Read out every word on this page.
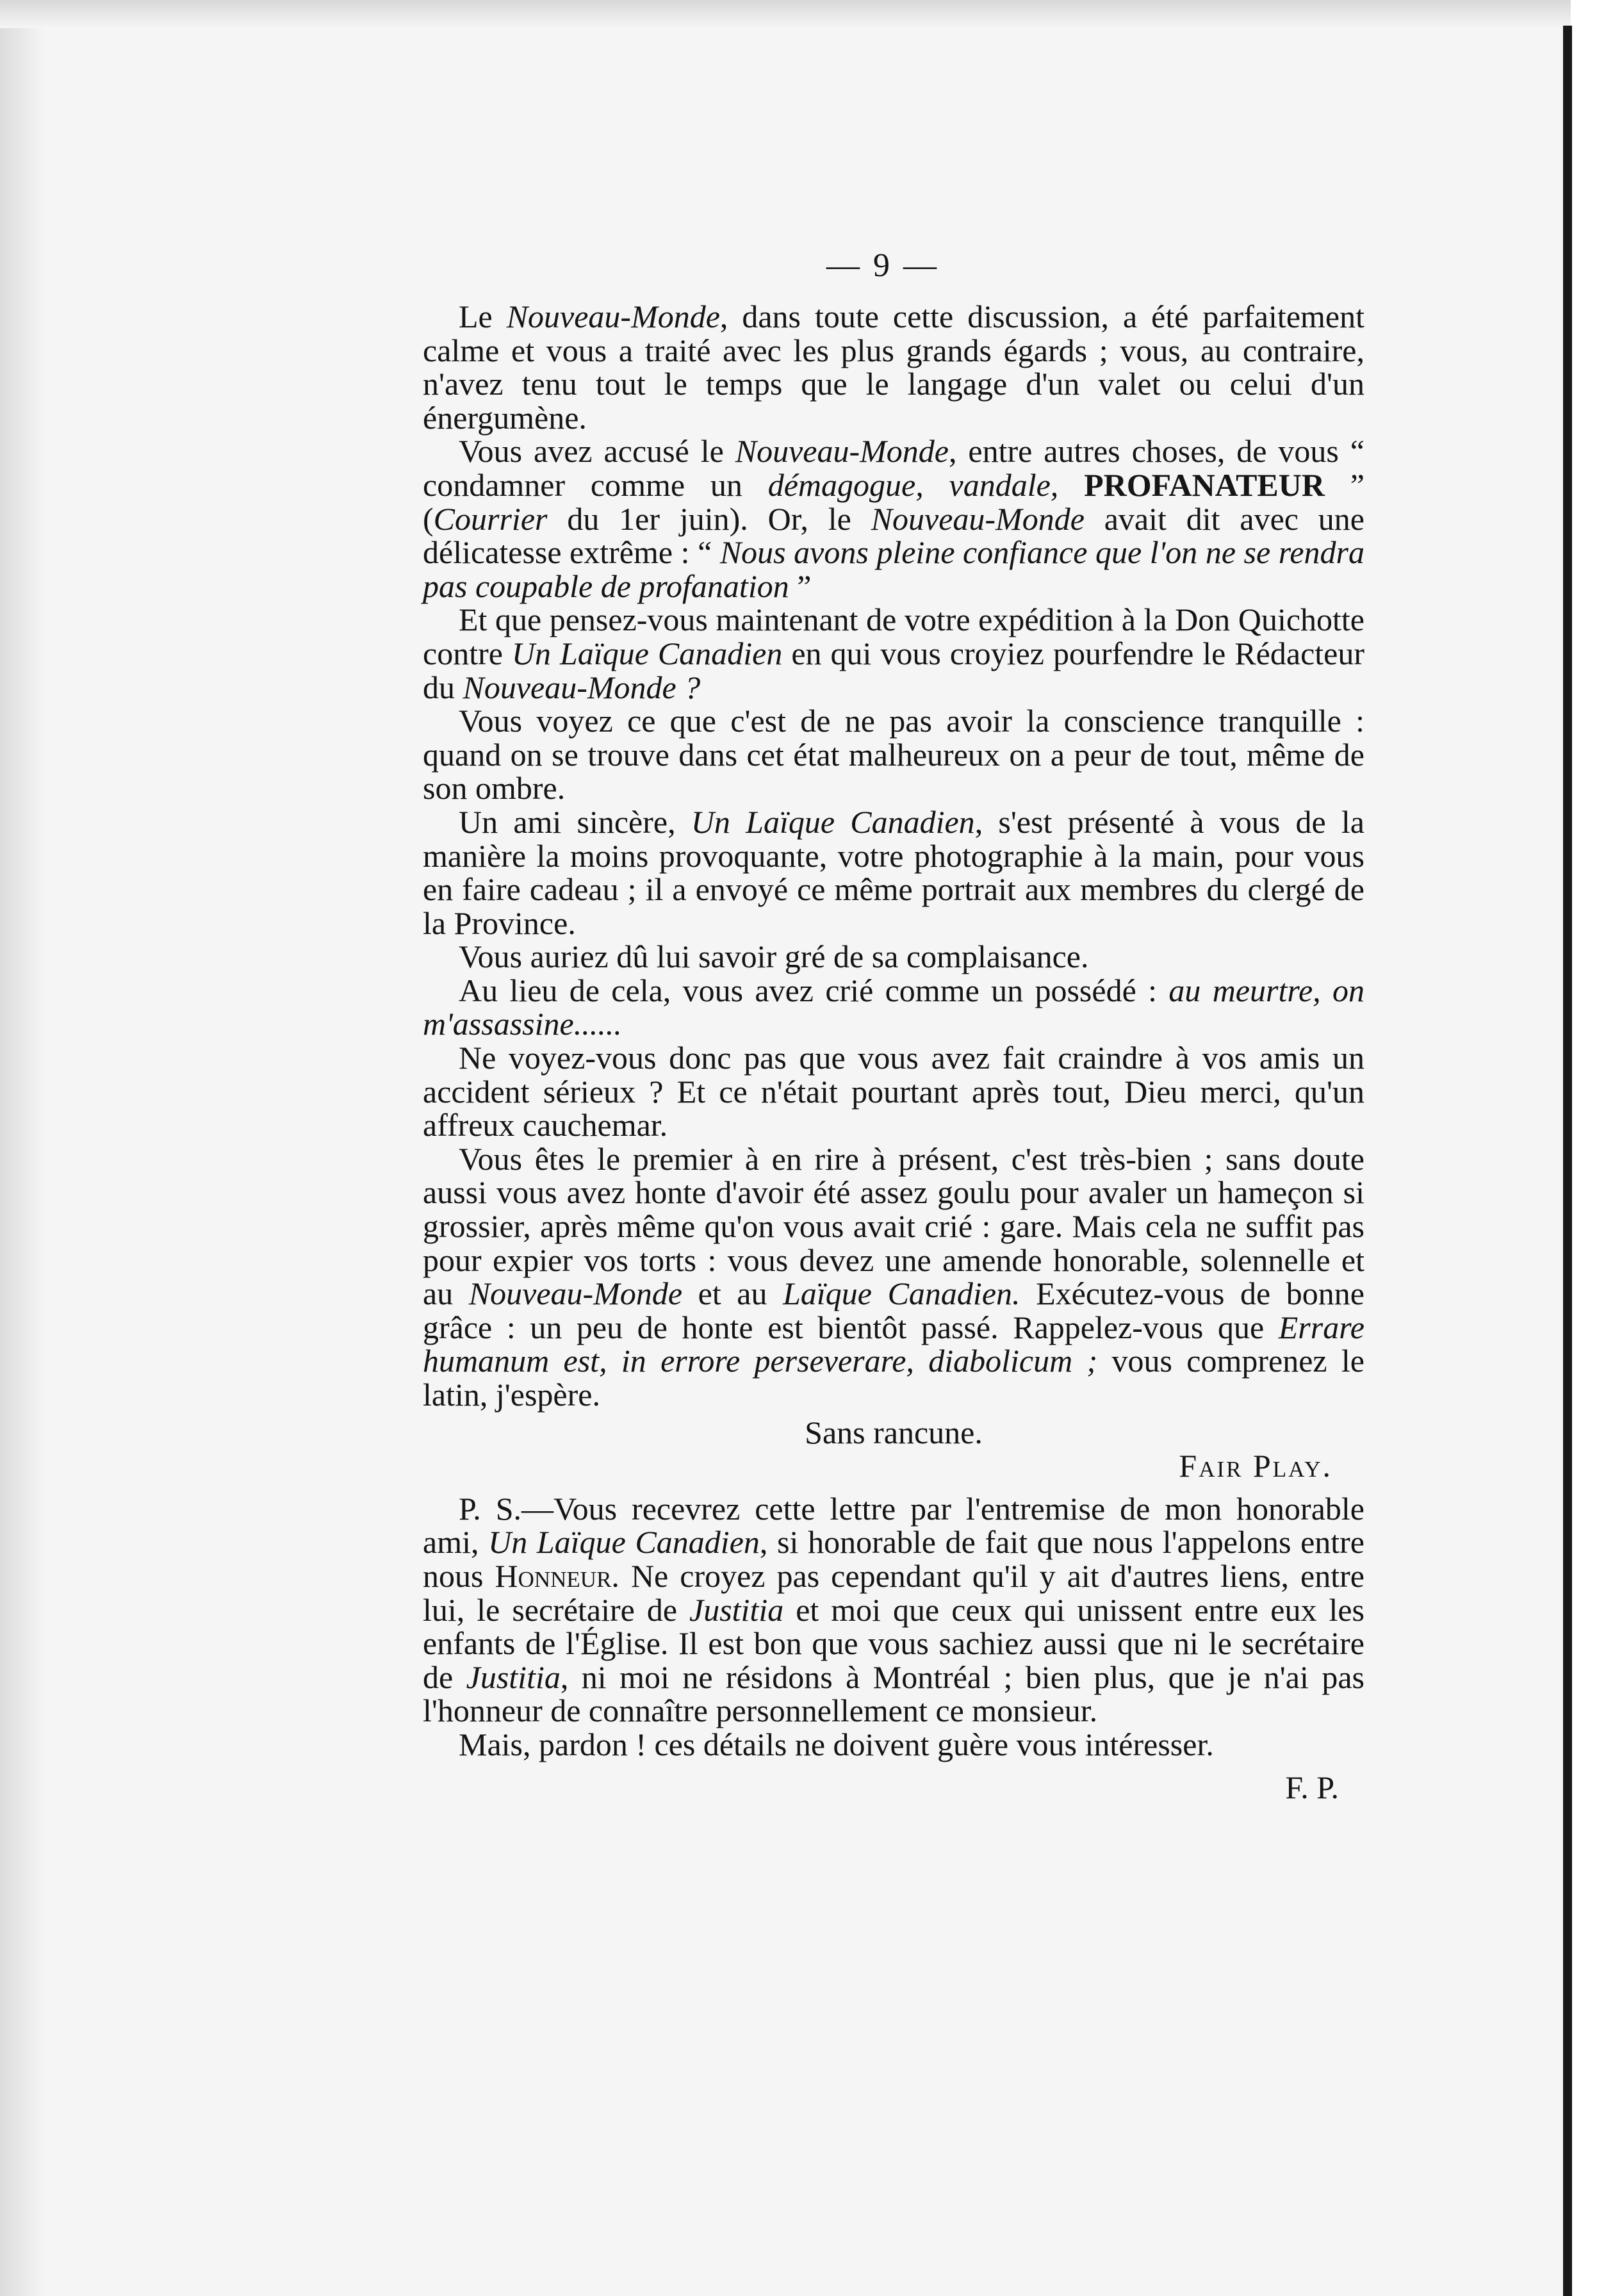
— 9 —

Le Nouveau-Monde, dans toute cette discussion, a été parfaitement calme et vous a traité avec les plus grands égards ; vous, au contraire, n'avez tenu tout le temps que le langage d'un valet ou celui d'un énergumène.

Vous avez accusé le Nouveau-Monde, entre autres choses, de vous “ condamner comme un démagogue, vandale, PROFANATEUR ” (Courrier du 1er juin). Or, le Nouveau-Monde avait dit avec une délicatesse extrême : “ Nous avons pleine confiance que l'on ne se rendra pas coupable de profanation ”

Et que pensez-vous maintenant de votre expédition à la Don Quichotte contre Un Laïque Canadien en qui vous croyiez pourfendre le Rédacteur du Nouveau-Monde ?

Vous voyez ce que c'est de ne pas avoir la conscience tranquille : quand on se trouve dans cet état malheureux on a peur de tout, même de son ombre.

Un ami sincère, Un Laïque Canadien, s'est présenté à vous de la manière la moins provoquante, votre photographie à la main, pour vous en faire cadeau ; il a envoyé ce même portrait aux membres du clergé de la Province.

Vous auriez dû lui savoir gré de sa complaisance.

Au lieu de cela, vous avez crié comme un possédé : au meurtre, on m'assassine......

Ne voyez-vous donc pas que vous avez fait craindre à vos amis un accident sérieux ? Et ce n'était pourtant après tout, Dieu merci, qu'un affreux cauchemar.

Vous êtes le premier à en rire à présent, c'est très-bien ; sans doute aussi vous avez honte d'avoir été assez goulu pour avaler un hameçon si grossier, après même qu'on vous avait crié : gare. Mais cela ne suffit pas pour expier vos torts : vous devez une amende honorable, solennelle et au Nouveau-Monde et au Laïque Canadien. Exécutez-vous de bonne grâce : un peu de honte est bientôt passé. Rappelez-vous que Errare humanum est, in errore perseverare, diabolicum ; vous comprenez le latin, j'espère.

Sans rancune.

Fair Play.

P. S.—Vous recevrez cette lettre par l'entremise de mon honorable ami, Un Laïque Canadien, si honorable de fait que nous l'appelons entre nous Honneur. Ne croyez pas cependant qu'il y ait d'autres liens, entre lui, le secrétaire de Justitia et moi que ceux qui unissent entre eux les enfants de l'Église. Il est bon que vous sachiez aussi que ni le secrétaire de Justitia, ni moi ne résidons à Montréal ; bien plus, que je n'ai pas l'honneur de connaître personnellement ce monsieur.

Mais, pardon ! ces détails ne doivent guère vous intéresser.

F. P.
